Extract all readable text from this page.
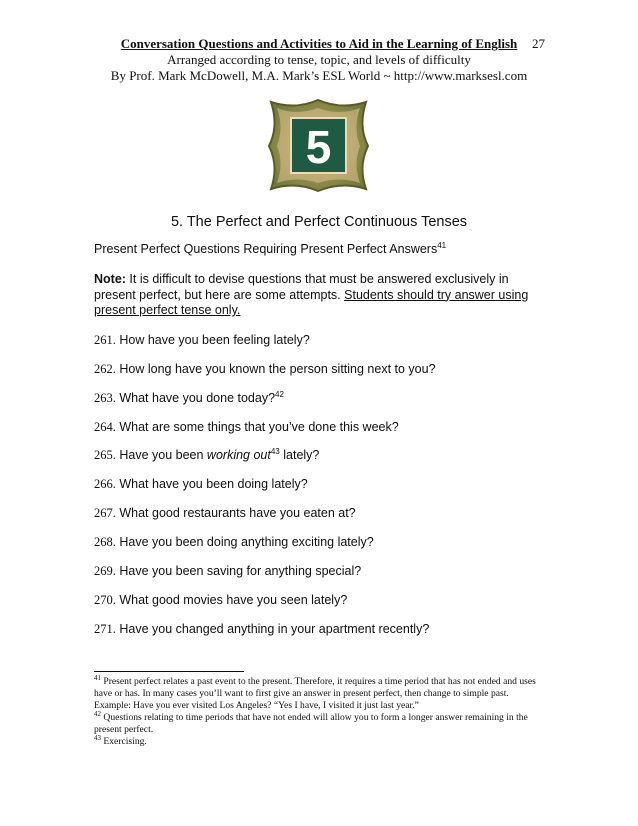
Conversation Questions and Activities to Aid in the Learning of English	27
Arranged according to tense, topic, and levels of difficulty
By Prof. Mark McDowell, M.A. Mark’s ESL World ~ http://www.marksesl.com
5
5. The Perfect and Perfect Continuous Tenses
Present Perfect Questions Requiring Present Perfect Answers$^{41}$
Note: It is difficult to devise questions that must be answered exclusively in present perfect, but here are some attempts. Students should try answer using present perfect tense only.
261. How have you been feeling lately?
262. How long have you known the person sitting next to you?
263. What have you done today?$^{42}$
264. What are some things that you’ve done this week?
265. Have you been working out$^{43}$ lately?
266. What have you been doing lately?
267. What good restaurants have you eaten at?
268. Have you been doing anything exciting lately?
269. Have you been saving for anything special?
270. What good movies have you seen lately?
271. Have you changed anything in your apartment recently?
$^{41}$ Present perfect relates a past event to the present. Therefore, it requires a time period that has not ended and uses have or has. In many cases you’ll want to first give an answer in present perfect, then change to simple past. Example: Have you ever visited Los Angeles? “Yes I have, I visited it just last year.”
$^{42}$ Questions relating to time periods that have not ended will allow you to form a longer answer remaining in the present perfect.
$^{43}$ Exercising.
